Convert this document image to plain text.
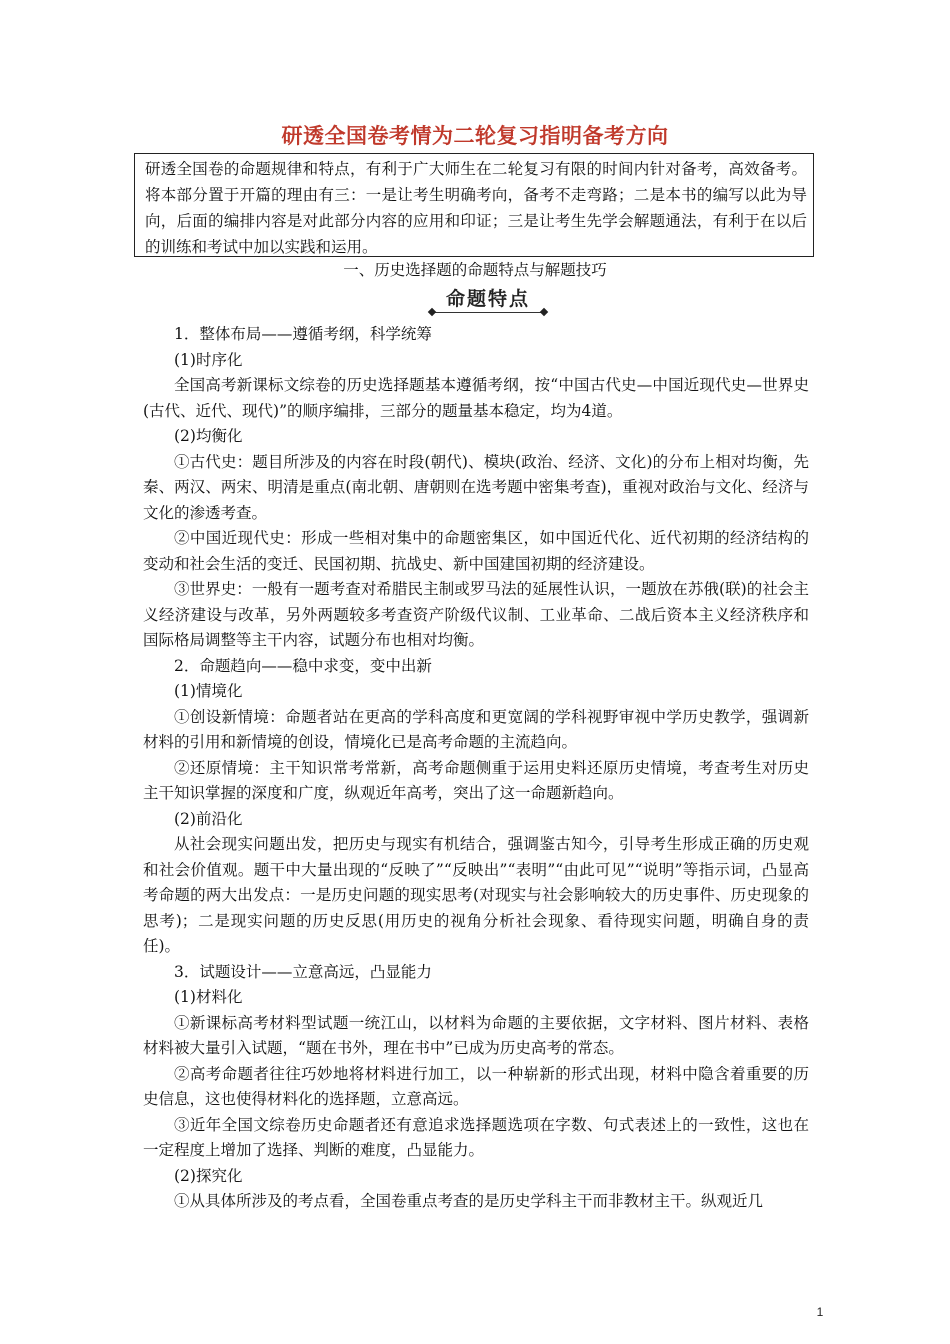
研透全国卷考情为二轮复习指明备考方向
研透全国卷的命题规律和特点，有利于广大师生在二轮复习有限的时间内针对备考，高效备考。将本部分置于开篇的理由有三：一是让考生明确考向，备考不走弯路；二是本书的编写以此为导向，后面的编排内容是对此部分内容的应用和印证；三是让考生先学会解题通法，有利于在以后的训练和考试中加以实践和运用。
一、历史选择题的命题特点与解题技巧
命题特点

1．整体布局——遵循考纲，科学统筹

(1)时序化

全国高考新课标文综卷的历史选择题基本遵循考纲，按“中国古代史—中国近现代史—世界史(古代、近代、现代)”的顺序编排，三部分的题量基本稳定，均为4道。

(2)均衡化

①古代史：题目所涉及的内容在时段(朝代)、模块(政治、经济、文化)的分布上相对均衡，先秦、两汉、两宋、明清是重点(南北朝、唐朝则在选考题中密集考查)，重视对政治与文化、经济与文化的渗透考查。

②中国近现代史：形成一些相对集中的命题密集区，如中国近代化、近代初期的经济结构的变动和社会生活的变迁、民国初期、抗战史、新中国建国初期的经济建设。

③世界史：一般有一题考查对希腊民主制或罗马法的延展性认识，一题放在苏俄(联)的社会主义经济建设与改革，另外两题较多考查资产阶级代议制、工业革命、二战后资本主义经济秩序和国际格局调整等主干内容，试题分布也相对均衡。

2．命题趋向——稳中求变，变中出新

(1)情境化

①创设新情境：命题者站在更高的学科高度和更宽阔的学科视野审视中学历史教学，强调新材料的引用和新情境的创设，情境化已是高考命题的主流趋向。

②还原情境：主干知识常考常新，高考命题侧重于运用史料还原历史情境，考查考生对历史主干知识掌握的深度和广度，纵观近年高考，突出了这一命题新趋向。

(2)前沿化

从社会现实问题出发，把历史与现实有机结合，强调鉴古知今，引导考生形成正确的历史观和社会价值观。题干中大量出现的“反映了”“反映出”“表明”“由此可见”“说明”等指示词，凸显高考命题的两大出发点：一是历史问题的现实思考(对现实与社会影响较大的历史事件、历史现象的思考)；二是现实问题的历史反思(用历史的视角分析社会现象、看待现实问题，明确自身的责任)。

3．试题设计——立意高远，凸显能力

(1)材料化

①新课标高考材料型试题一统江山，以材料为命题的主要依据，文字材料、图片材料、表格材料被大量引入试题，“题在书外，理在书中”已成为历史高考的常态。

②高考命题者往往巧妙地将材料进行加工，以一种崭新的形式出现，材料中隐含着重要的历史信息，这也使得材料化的选择题，立意高远。

③近年全国文综卷历史命题者还有意追求选择题选项在字数、句式表述上的一致性，这也在一定程度上增加了选择、判断的难度，凸显能力。

(2)探究化

①从具体所涉及的考点看，全国卷重点考查的是历史学科主干而非教材主干。纵观近几

1
